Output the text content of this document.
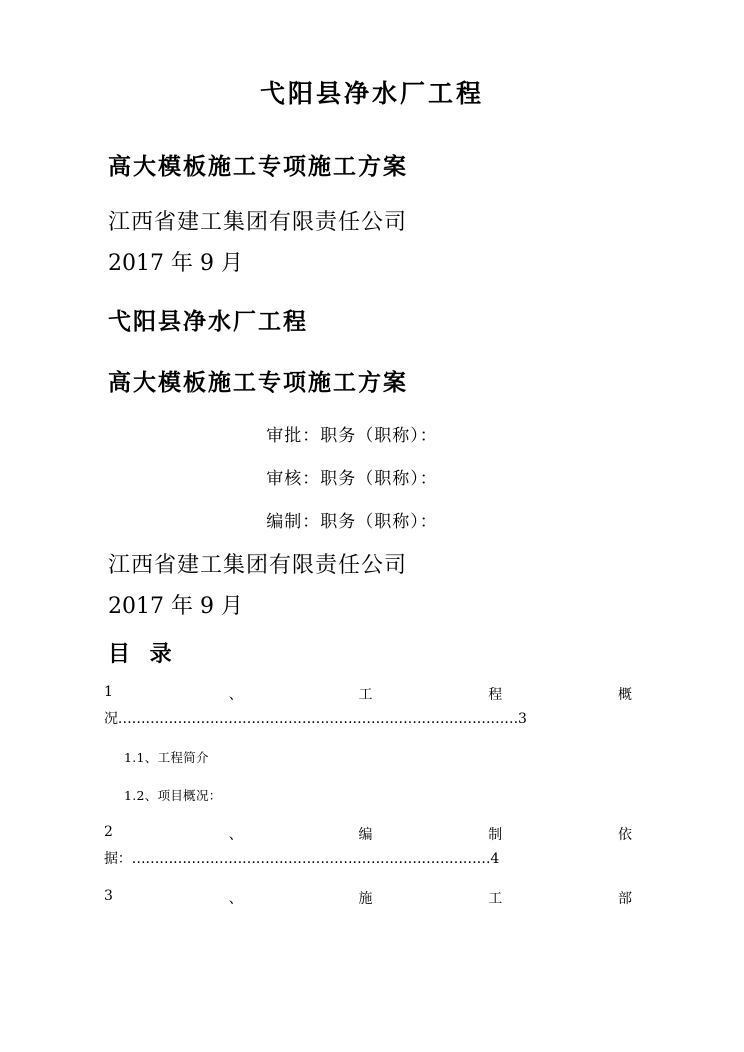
弋阳县净水厂工程
高大模板施工专项施工方案

江西省建工集团有限责任公司

2017 年 9 月

弋阳县净水厂工程
高大模板施工专项施工方案

审批：职务（职称）：

审核：职务（职称）：

编制：职务（职称）：

江西省建工集团有限责任公司

2017 年 9 月

目 录
1	、	工	程	概
况……………………………………………………………………………3
1.1、工程简介
1.2、项目概况：
2	、	编	制	依
据：……………………………………………………………………4
3	、	施	工	部
